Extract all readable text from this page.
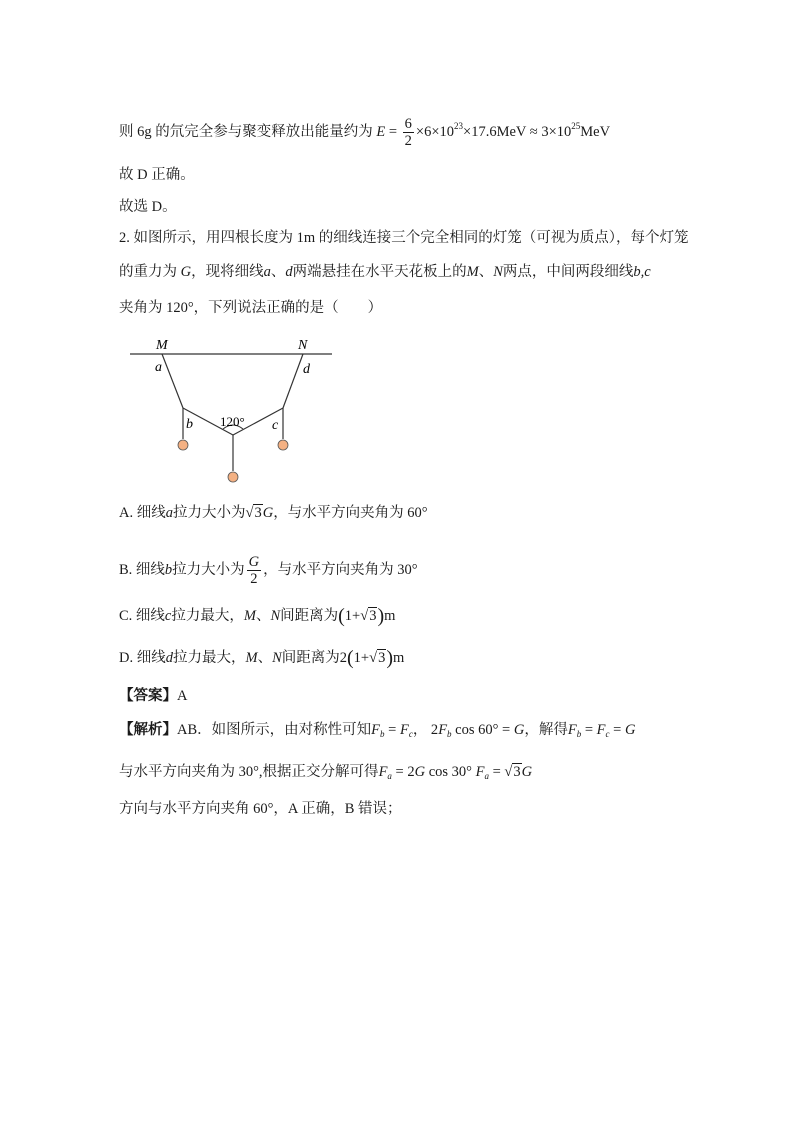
则 6g 的氘完全参与聚变释放出能量约为 $E = \frac{6}{2} \times 6\times 10^{23}\times 17.6MeV \approx 3\times 10^{25}MeV$
故 D 正确。
故选 D。
2. 如图所示，用四根长度为 1m 的细线连接三个完全相同的灯笼（可视为质点），每个灯笼
的重力为 G，现将细线a、d两端悬挂在水平天花板上的M、N两点，中间两段细线b,c
夹角为 120°，下列说法正确的是（　　）
M	N
a	d
b	c
120°
A. 细线a拉力大小为√3G，与水平方向夹角为 60°
B. 细线b拉力大小为 $\frac{G}{2}$ ，与水平方向夹角为 30°
C. 细线c拉力最大，M、N间距离为(1+√3)m
D. 细线d拉力最大，M、N间距离为2(1+√3)m
【答案】A
【解析】AB．如图所示，由对称性可知$F_b = F_c$， $2F_b$ cos 60° = G，解得$F_b = F_c = G$
与水平方向夹角为 30°,根据正交分解可得$F_a = 2G$ cos 30° $F_a = √3G$
方向与水平方向夹角 60°，A 正确，B 错误；
